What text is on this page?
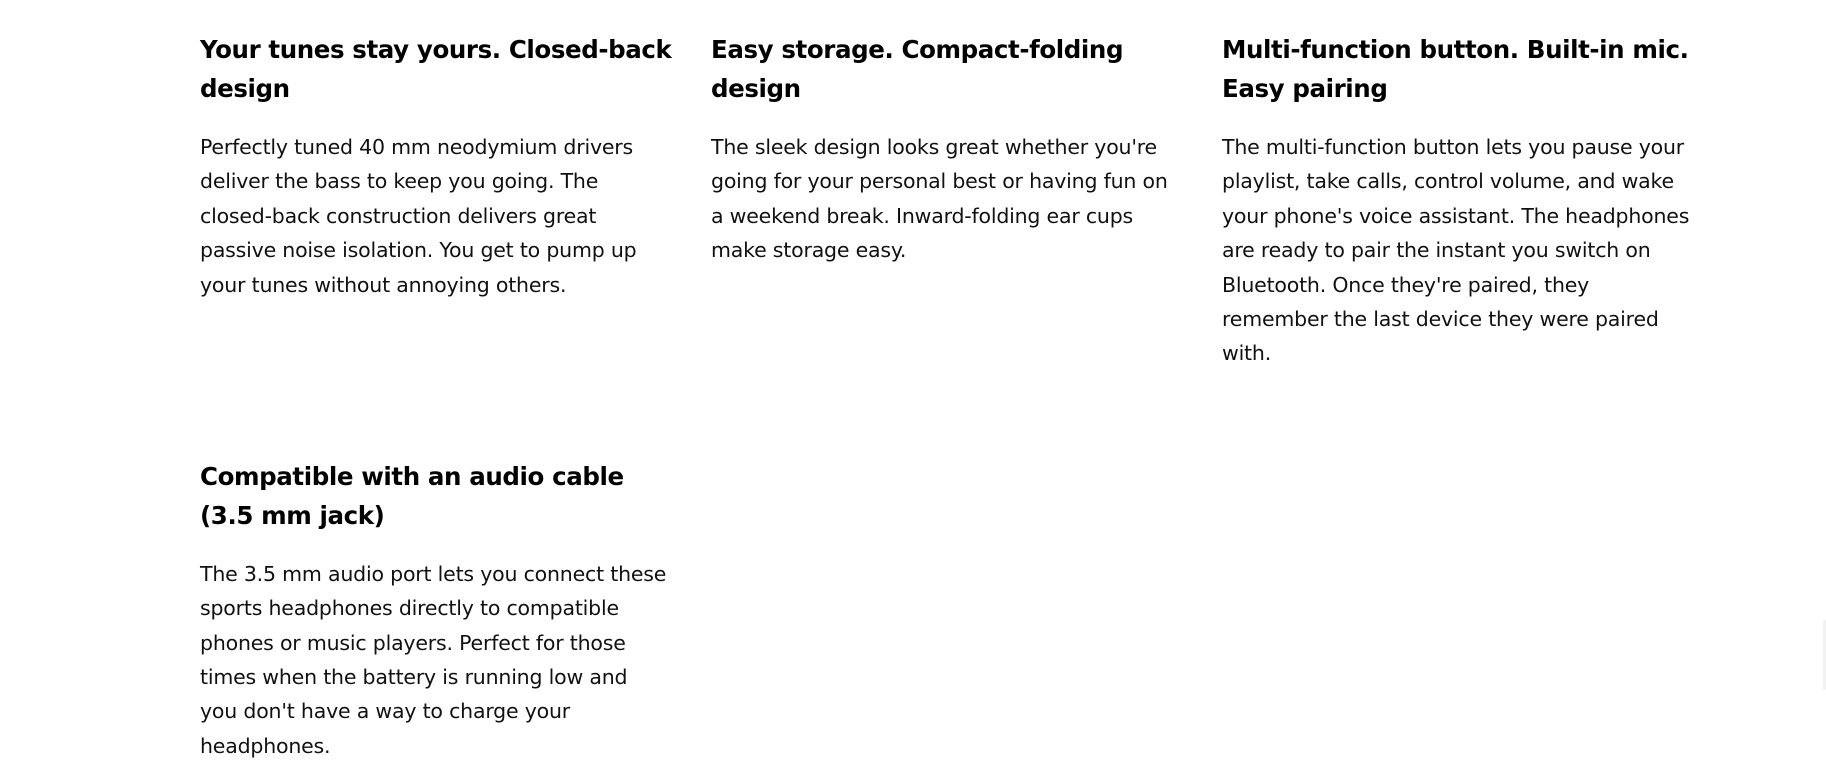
Your tunes stay yours. Closed-back design

Perfectly tuned 40 mm neodymium drivers deliver the bass to keep you going. The closed-back construction delivers great passive noise isolation. You get to pump up your tunes without annoying others.

Easy storage. Compact-folding design

The sleek design looks great whether you're going for your personal best or having fun on a weekend break. Inward-folding ear cups make storage easy.

Multi-function button. Built-in mic. Easy pairing

The multi-function button lets you pause your playlist, take calls, control volume, and wake your phone's voice assistant. The headphones are ready to pair the instant you switch on Bluetooth. Once they're paired, they remember the last device they were paired with.

Compatible with an audio cable (3.5 mm jack)

The 3.5 mm audio port lets you connect these sports headphones directly to compatible phones or music players. Perfect for those times when the battery is running low and you don't have a way to charge your headphones.
